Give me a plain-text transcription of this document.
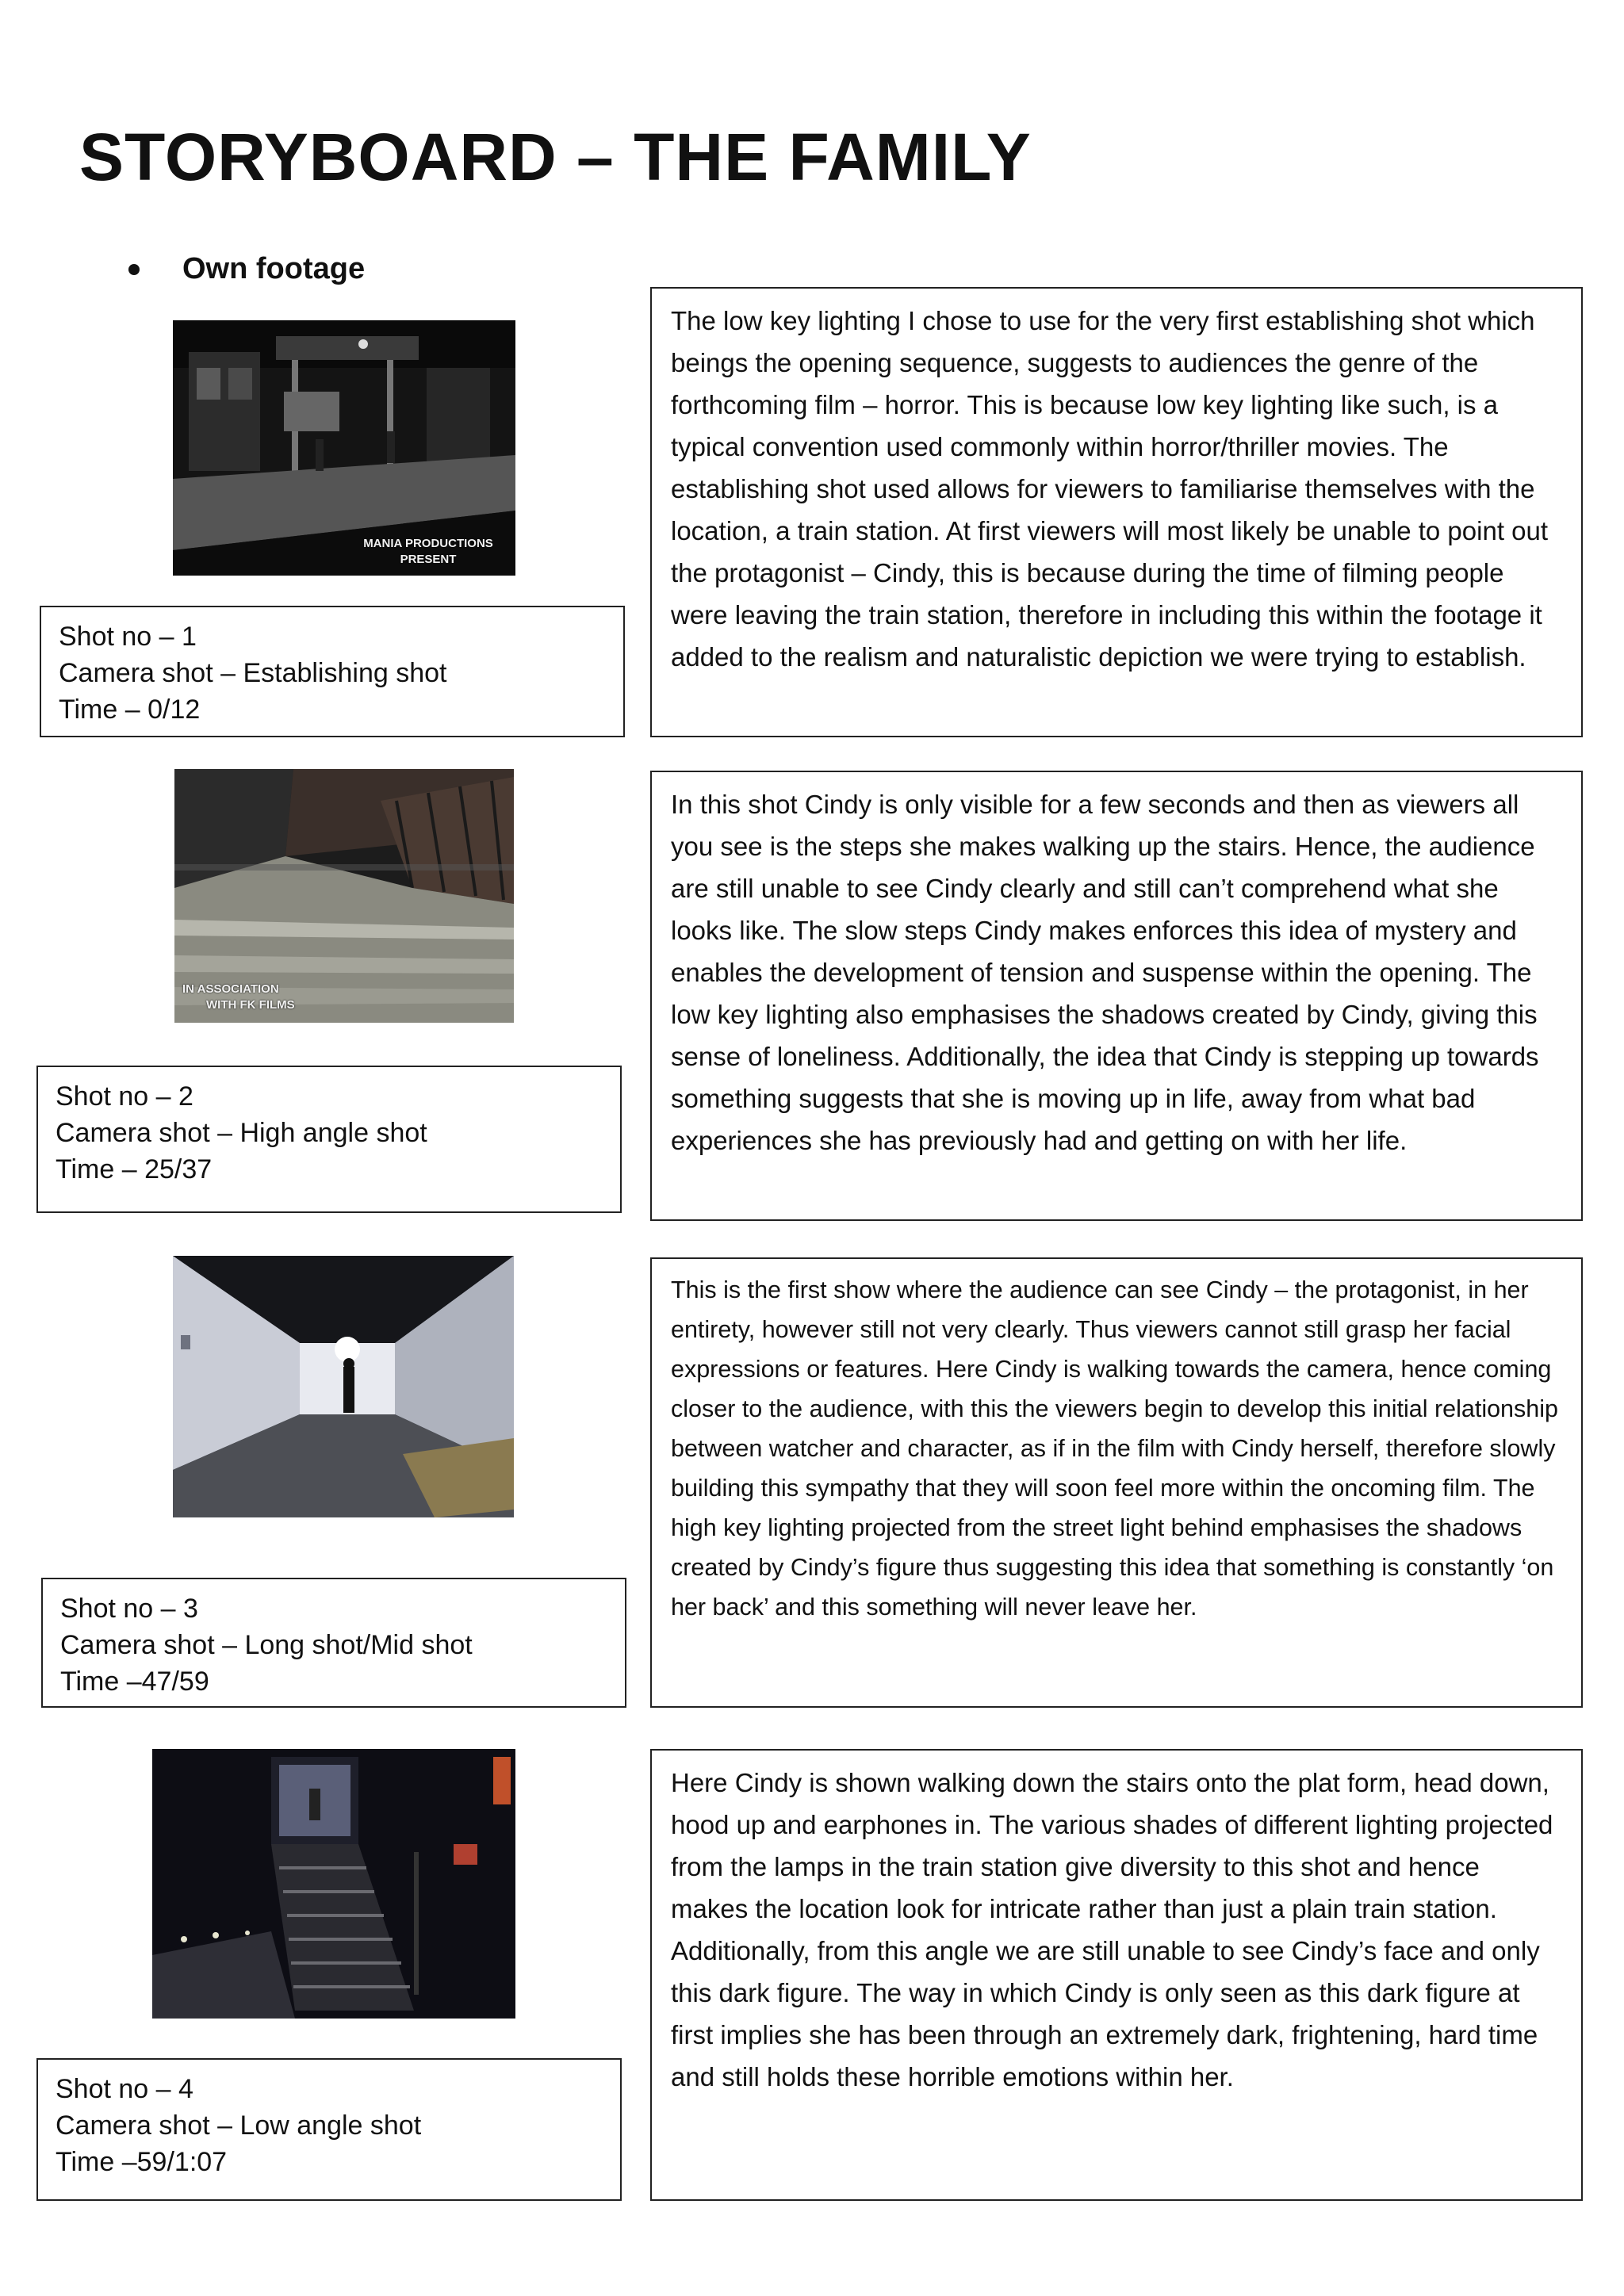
STORYBOARD – THE FAMILY
Own footage
MANIA PRODUCTIONS
PRESENT
Shot no – 1
Camera shot – Establishing shot
Time – 0/12
The low key lighting I chose to use for the very first establishing shot which beings the opening sequence, suggests to audiences the genre of the forthcoming film – horror. This is because low key lighting like such, is a typical convention used commonly within horror/thriller movies. The establishing shot used allows for viewers to familiarise themselves with the location, a train station. At first viewers will most likely be unable to point out the protagonist – Cindy, this is because during the time of filming people were leaving the train station, therefore in including this within the footage it added to the realism and naturalistic depiction we were trying to establish.
IN ASSOCIATION
WITH FK FILMS
Shot no – 2
Camera shot – High angle shot
Time – 25/37
In this shot Cindy is only visible for a few seconds and then as viewers all you see is the steps she makes walking up the stairs. Hence, the audience are still unable to see Cindy clearly and still can’t comprehend what she looks like. The slow steps Cindy makes enforces this idea of mystery and enables the development of tension and suspense within the opening. The low key lighting also emphasises the shadows created by Cindy, giving this sense of loneliness. Additionally, the idea that Cindy is stepping up towards something suggests that she is moving up in life, away from what bad experiences she has previously had and getting on with her life.
Shot no – 3
Camera shot – Long shot/Mid shot
Time –47/59
This is the first show where the audience can see Cindy – the protagonist, in her entirety, however still not very clearly. Thus viewers cannot still grasp her facial expressions or features. Here Cindy is walking towards the camera, hence coming closer to the audience, with this the viewers begin to develop this initial relationship between watcher and character, as if in the film with Cindy herself, therefore slowly building this sympathy that they will soon feel more within the oncoming film. The high key lighting projected from the street light behind emphasises the shadows created by Cindy’s figure thus suggesting this idea that something is constantly ‘on her back’ and this something will never leave her.
Shot no – 4
Camera shot – Low angle shot
Time –59/1:07
Here Cindy is shown walking down the stairs onto the plat form, head down, hood up and earphones in. The various shades of different lighting projected from the lamps in the train station give diversity to this shot and hence makes the location look for intricate rather than just a plain train station. Additionally, from this angle we are still unable to see Cindy’s face and only this dark figure. The way in which Cindy is only seen as this dark figure at first implies she has been through an extremely dark, frightening, hard time and still holds these horrible emotions within her.
